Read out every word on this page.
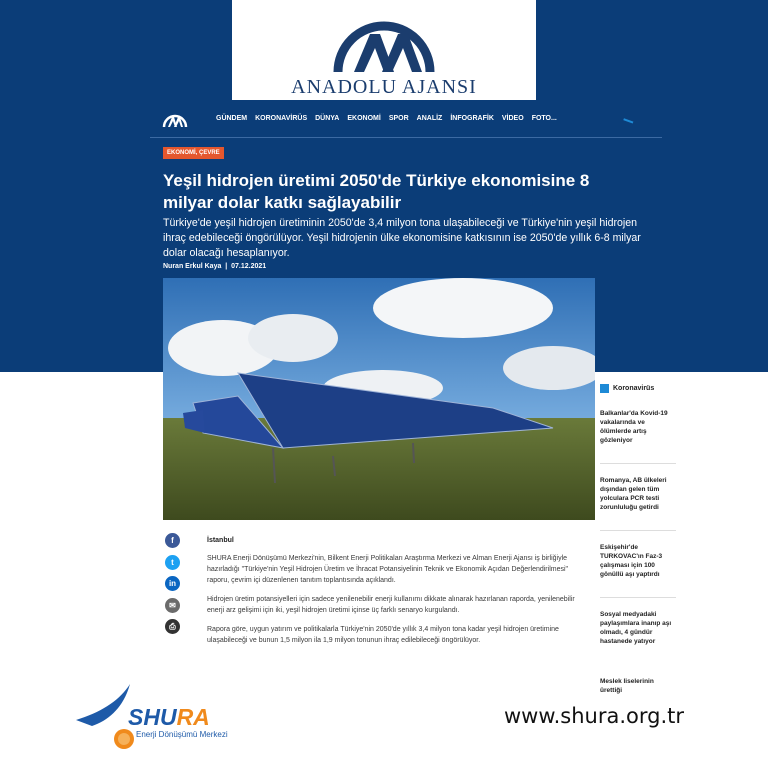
ANADOLU AJANSI
GÜNDEM KORONAVİRÜS DÜNYA EKONOMİ SPOR ANALİZ İNFOGRAFİK VİDEO FOTO...
EKONOMİ, ÇEVRE
Yeşil hidrojen üretimi 2050'de Türkiye ekonomisine 8 milyar dolar katkı sağlayabilir
Türkiye'de yeşil hidrojen üretiminin 2050'de 3,4 milyon tona ulaşabileceği ve Türkiye'nin yeşil hidrojen ihraç edebileceği öngörülüyor. Yeşil hidrojenin ülke ekonomisine katkısının ise 2050'de yıllık 6-8 milyar dolar olacağı hesaplanıyor.
Nuran Erkul Kaya | 07.12.2021
f
t
in
✉
⎙
İstanbul

SHURA Enerji Dönüşümü Merkezi'nin, Bilkent Enerji Politikaları Araştırma Merkezi ve Alman Enerji Ajansı iş birliğiyle hazırladığı "Türkiye'nin Yeşil Hidrojen Üretim ve İhracat Potansiyelinin Teknik ve Ekonomik Açıdan Değerlendirilmesi" raporu, çevrim içi düzenlenen tanıtım toplantısında açıklandı.

Hidrojen üretim potansiyelleri için sadece yenilenebilir enerji kullanımı dikkate alınarak hazırlanan raporda, yenilenebilir enerji arz gelişimi için iki, yeşil hidrojen üretimi içinse üç farklı senaryo kurgulandı.

Rapora göre, uygun yatırım ve politikalarla Türkiye'nin 2050'de yıllık 3,4 milyon tona kadar yeşil hidrojen üretimine ulaşabileceği ve bunun 1,5 milyon ila 1,9 milyon tonunun ihraç edilebileceği öngörülüyor.

Koronavirüs
Balkanlar'da Kovid-19 vakalarında ve ölümlerde artış gözleniyor
Romanya, AB ülkeleri dışından gelen tüm yolculara PCR testi zorunluluğu getirdi
Eskişehir'de TURKOVAC'ın Faz-3 çalışması için 100 gönüllü aşı yaptırdı
Sosyal medyadaki paylaşımlara inanıp aşı olmadı, 4 gündür hastanede yatıyor
Meslek liselerinin ürettiği
SHURA
Enerji Dönüşümü Merkezi
www.shura.org.tr
